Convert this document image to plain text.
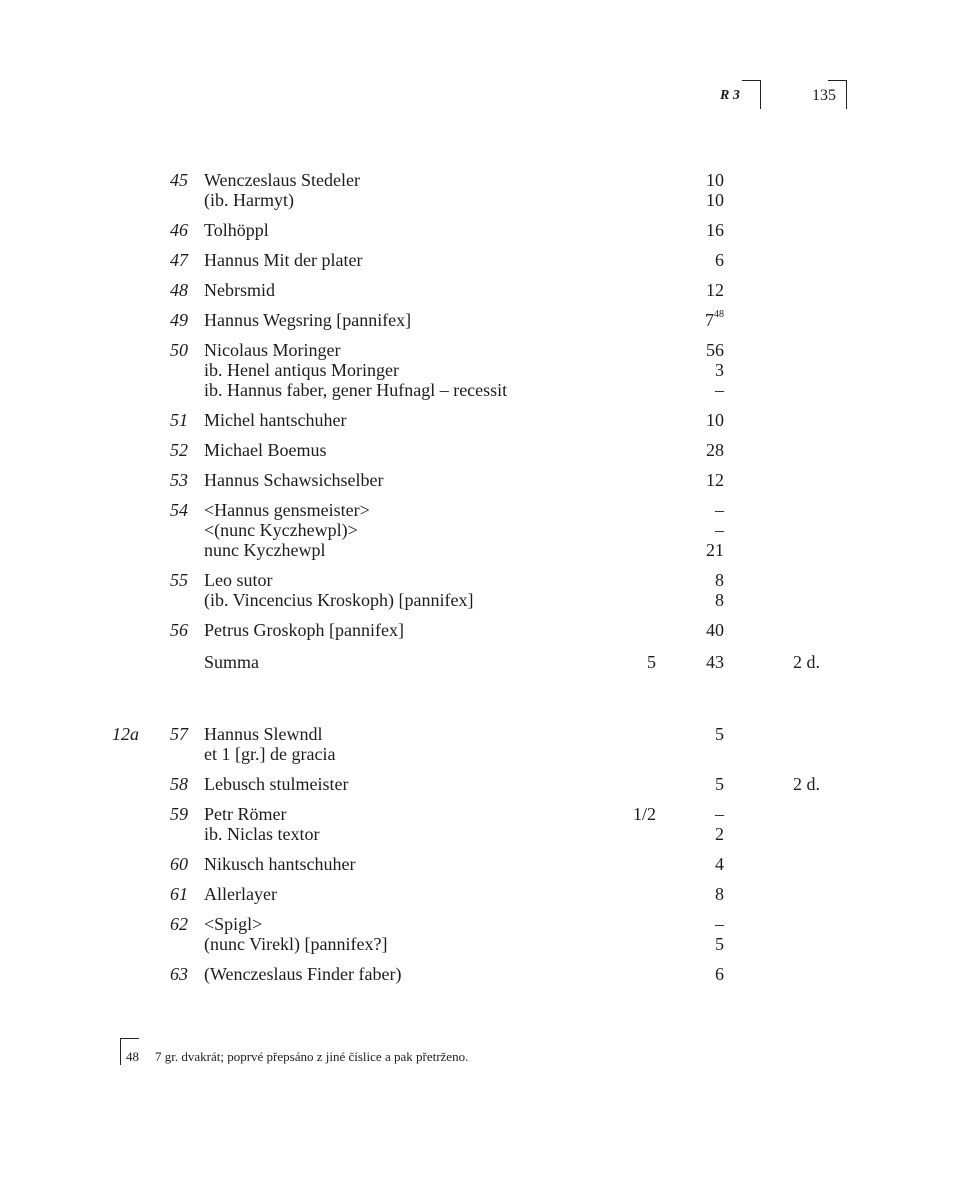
R 3	135
45 Wenczeslaus Stedeler	10
(ib. Harmyt)	10
46 Tolhöppl	16
47 Hannus Mit der plater	6
48 Nebrsmid	12
49 Hannus Wegsring [pannifex]	$7^{48}$
50 Nicolaus Moringer	56
ib. Henel antiqus Moringer	3
ib. Hannus faber, gener Hufnagl – recessit	–
51 Michel hantschuher	10
52 Michael Boemus	28
53 Hannus Schawsichselber	12
54 <Hannus gensmeister>	–
<(nunc Kyczhewpl)>	–
nunc Kyczhewpl	21
55 Leo sutor	8
(ib. Vincencius Kroskoph) [pannifex]	8
56 Petrus Groskoph [pannifex]	40
Summa	5	43	2 d.
12a	57 Hannus Slewndl	5
et 1 [gr.] de gracia
58 Lebusch stulmeister	5	2 d.
59 Petr Römer	1/2	–
ib. Niclas textor	2
60 Nikusch hantschuher	4
61 Allerlayer	8
62 <Spigl>	–
(nunc Virekl) [pannifex?]	5
63 (Wenczeslaus Finder faber)	6
48 7 gr. dvakrát; poprvé přepsáno z jiné číslice a pak přetrženo.
